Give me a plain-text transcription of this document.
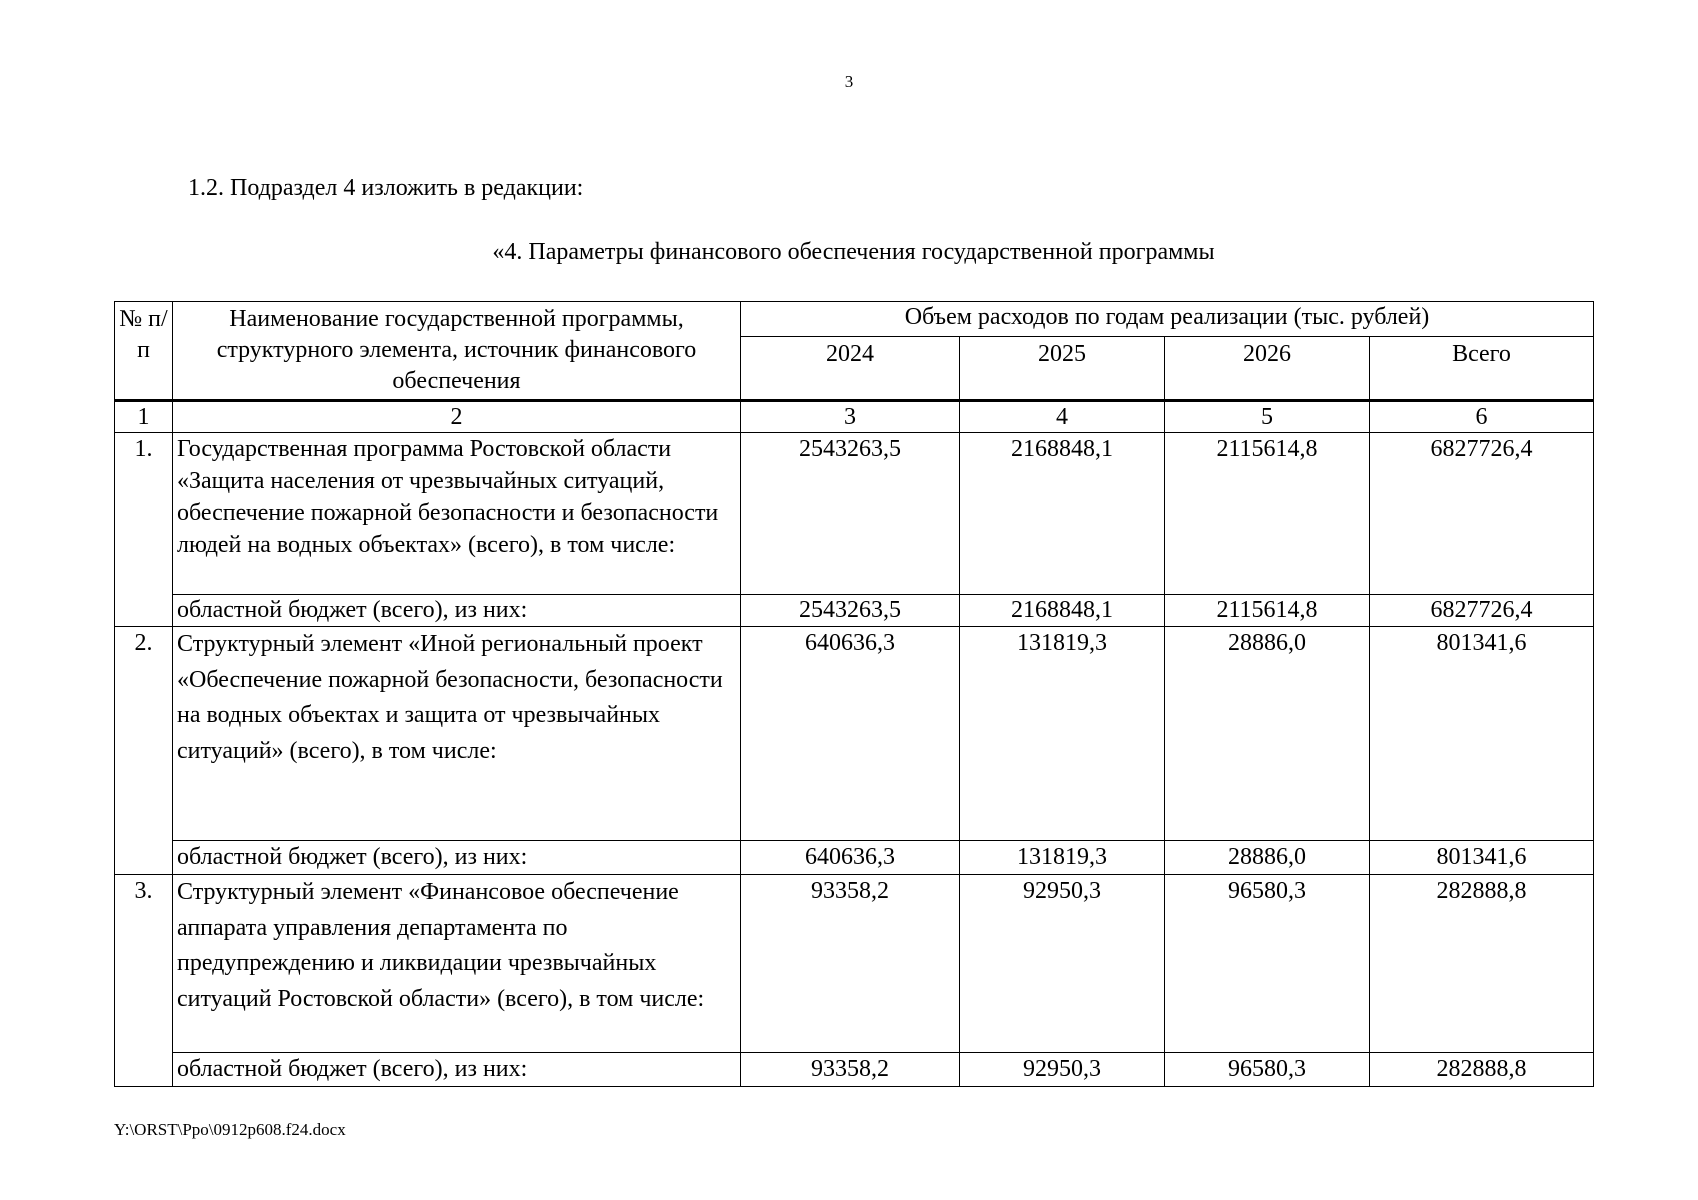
3
1.2. Подраздел 4 изложить в редакции:
«4. Параметры финансового обеспечения государственной программы
№ п/п	Наименование государственной программы, структурного элемента, источник финансового обеспечения	Объем расходов по годам реализации (тыс. рублей)			
		2024	2025	2026	Всего
1	2	3	4	5	6
1.	Государственная программа Ростовской области «Защита населения от чрезвычайных ситуаций, обеспечение пожарной безопасности и безопасности людей на водных объектах» (всего), в том числе:	2543263,5	2168848,1	2115614,8	6827726,4
	областной бюджет (всего), из них:	2543263,5	2168848,1	2115614,8	6827726,4
2.	Структурный элемент «Иной региональный проект «Обеспечение пожарной безопасности, безопасности на водных объектах и защита от чрезвычайных ситуаций» (всего), в том числе:	640636,3	131819,3	28886,0	801341,6
	областной бюджет (всего), из них:	640636,3	131819,3	28886,0	801341,6
3.	Структурный элемент «Финансовое обеспечение аппарата управления департамента по предупреждению и ликвидации чрезвычайных ситуаций Ростовской области» (всего), в том числе:	93358,2	92950,3	96580,3	282888,8
	областной бюджет (всего), из них:	93358,2	92950,3	96580,3	282888,8
Y:\ORST\Ppo\0912p608.f24.docx
